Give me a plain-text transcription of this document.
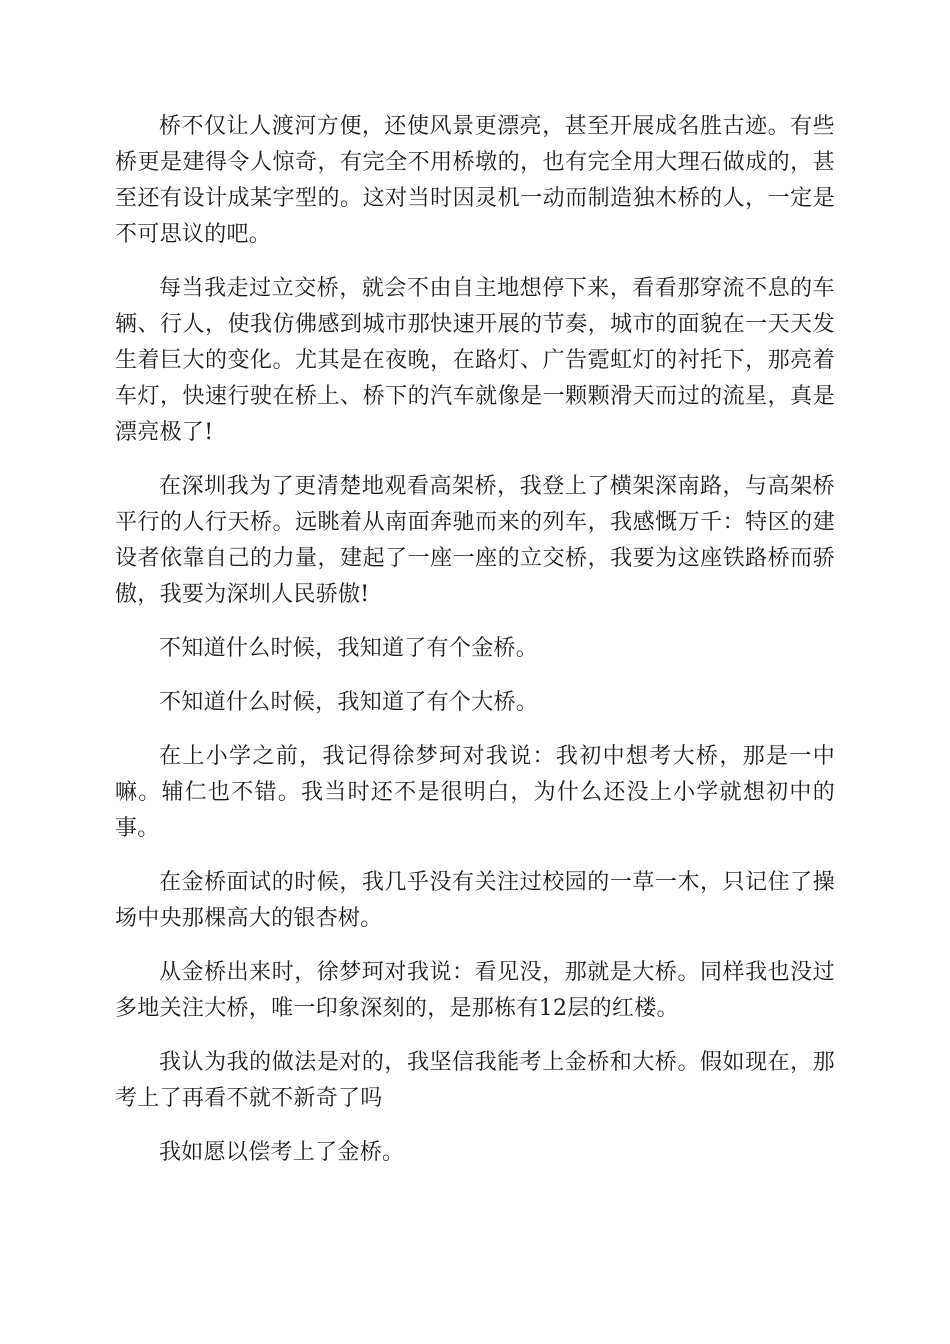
桥不仅让人渡河方便，还使风景更漂亮，甚至开展成名胜古迹。有些桥更是建得令人惊奇，有完全不用桥墩的，也有完全用大理石做成的，甚至还有设计成某字型的。这对当时因灵机一动而制造独木桥的人，一定是不可思议的吧。

每当我走过立交桥，就会不由自主地想停下来，看看那穿流不息的车辆、行人，使我仿佛感到城市那快速开展的节奏，城市的面貌在一天天发生着巨大的变化。尤其是在夜晚，在路灯、广告霓虹灯的衬托下，那亮着车灯，快速行驶在桥上、桥下的汽车就像是一颗颗滑天而过的流星，真是漂亮极了!

在深圳我为了更清楚地观看高架桥，我登上了横架深南路，与高架桥平行的人行天桥。远眺着从南面奔驰而来的列车，我感慨万千：特区的建设者依靠自己的力量，建起了一座一座的立交桥，我要为这座铁路桥而骄傲，我要为深圳人民骄傲!

不知道什么时候，我知道了有个金桥。

不知道什么时候，我知道了有个大桥。

在上小学之前，我记得徐梦珂对我说：我初中想考大桥，那是一中嘛。辅仁也不错。我当时还不是很明白，为什么还没上小学就想初中的事。

在金桥面试的时候，我几乎没有关注过校园的一草一木，只记住了操场中央那棵高大的银杏树。

从金桥出来时，徐梦珂对我说：看见没，那就是大桥。同样我也没过多地关注大桥，唯一印象深刻的，是那栋有12层的红楼。

我认为我的做法是对的，我坚信我能考上金桥和大桥。假如现在，那考上了再看不就不新奇了吗

我如愿以偿考上了金桥。
